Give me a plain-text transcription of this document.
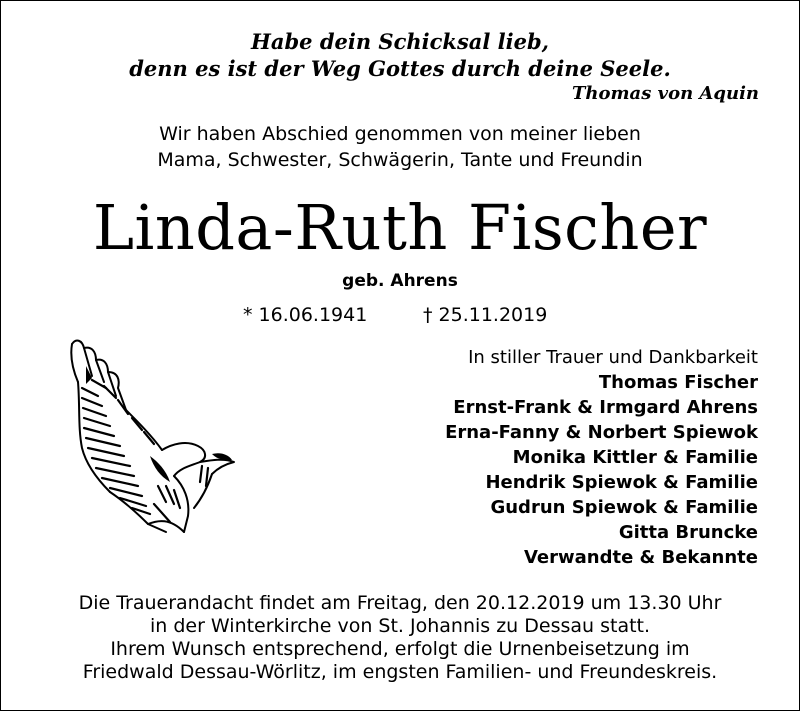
Habe dein Schicksal lieb,
denn es ist der Weg Gottes durch deine Seele.
Thomas von Aquin
Wir haben Abschied genommen von meiner lieben
Mama, Schwester, Schwägerin, Tante und Freundin
Linda-Ruth Fischer
geb. Ahrens
* 16.06.1941	† 25.11.2019
In stiller Trauer und Dankbarkeit
Thomas Fischer
Ernst-Frank & Irmgard Ahrens
Erna-Fanny & Norbert Spiewok
Monika Kittler & Familie
Hendrik Spiewok & Familie
Gudrun Spiewok & Familie
Gitta Bruncke
Verwandte & Bekannte
Die Trauerandacht findet am Freitag, den 20.12.2019 um 13.30 Uhr
in der Winterkirche von St. Johannis zu Dessau statt.
Ihrem Wunsch entsprechend, erfolgt die Urnenbeisetzung im
Friedwald Dessau-Wörlitz, im engsten Familien- und Freundeskreis.
